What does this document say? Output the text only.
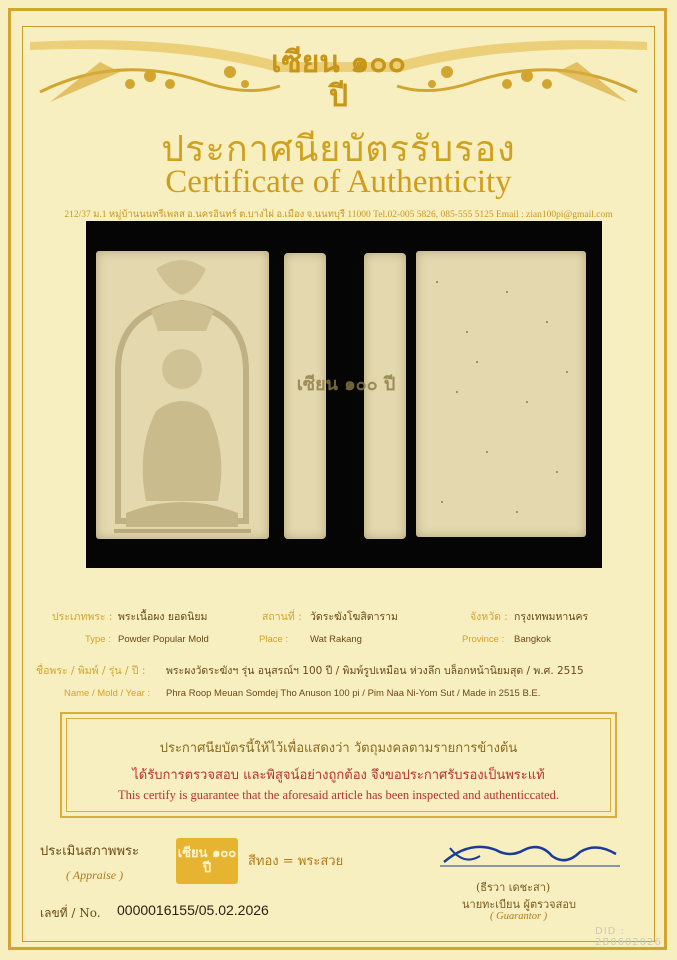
เซียน ๑๐๐ ปี
ประกาศนียบัตรรับรอง
Certificate of Authenticity
212/37 ม.1 หมู่บ้านนนทรีเพลส อ.นครอินทร์ ต.บางไผ่ อ.เมือง จ.นนทบุรี 11000 Tel.02-005 5826, 085-555 5125 Email : zian100pi@gmail.com
เซียน ๑๐๐ ปี
ประเภทพระ : พระเนื้อผง ยอดนิยม
Type : Powder Popular Mold
สถานที่ : วัดระฆังโฆสิตาราม
Place : Wat Rakang
จังหวัด : กรุงเทพมหานคร
Province : Bangkok
ชื่อพระ / พิมพ์ / รุ่น / ปี : พระผงวัดระฆังฯ รุ่น อนุสรณ์ฯ 100 ปี / พิมพ์รูปเหมือน ห่วงลึก บล็อกหน้านิยมสุด / พ.ศ. 2515
Name / Mold / Year : Phra Roop Meuan Somdej Tho Anuson 100 pi / Pim Naa Ni-Yom Sut / Made in 2515 B.E.
ประกาศนียบัตรนี้ให้ไว้เพื่อแสดงว่า วัตถุมงคลตามรายการข้างต้น
ได้รับการตรวจสอบ และพิสูจน์อย่างถูกต้อง จึงขอประกาศรับรองเป็นพระแท้
This certify is guarantee that the aforesaid article has been inspected and authenticcated.
ประเมินสภาพพระ
( Appraise )
เซียน ๑๐๐ ปี	สีทอง = พระสวย
(ธีรวา เดชะสา)
นายทะเบียน ผู้ตรวจสอบ
( Guarantor )
เลขที่ / No. 0000016155/05.02.2026
DID : 2B0602026
